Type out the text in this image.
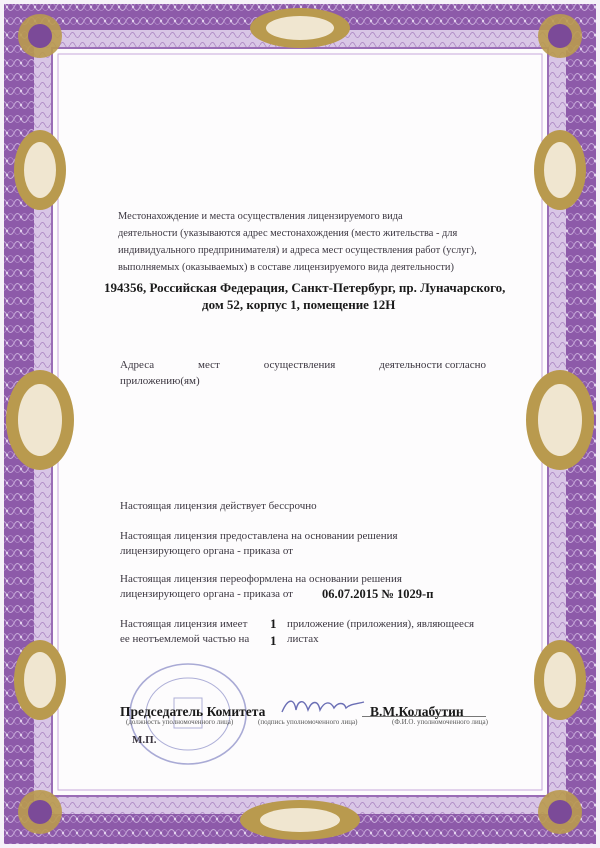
Местонахождение и места осуществления лицензируемого вида
деятельности (указываются адрес местонахождения (место жительства - для
индивидуального предпринимателя) и адреса мест осуществления работ (услуг),
выполняемых (оказываемых) в составе лицензируемого вида деятельности)
194356, Российская Федерация, Санкт-Петербург, пр. Луначарского,
дом 52, корпус 1, помещение 12Н
Адреса	мест	осуществления	деятельности согласно
приложению(ям)
Настоящая лицензия действует бессрочно
Настоящая лицензия предоставлена на основании решения
лицензирующего органа - приказа от
Настоящая лицензия переоформлена на основании решения
лицензирующего органа - приказа от 06.07.2015 № 1029-п
Настоящая лицензия имеет 1 приложение (приложения), являющееся
ее неотъемлемой частью на 1 листах
Председатель Комитета
(должность уполномоченного лица)	(подпись уполномоченного лица)
В.М.Колабутин
(Ф.И.О. уполномоченного лица)
М.П.
